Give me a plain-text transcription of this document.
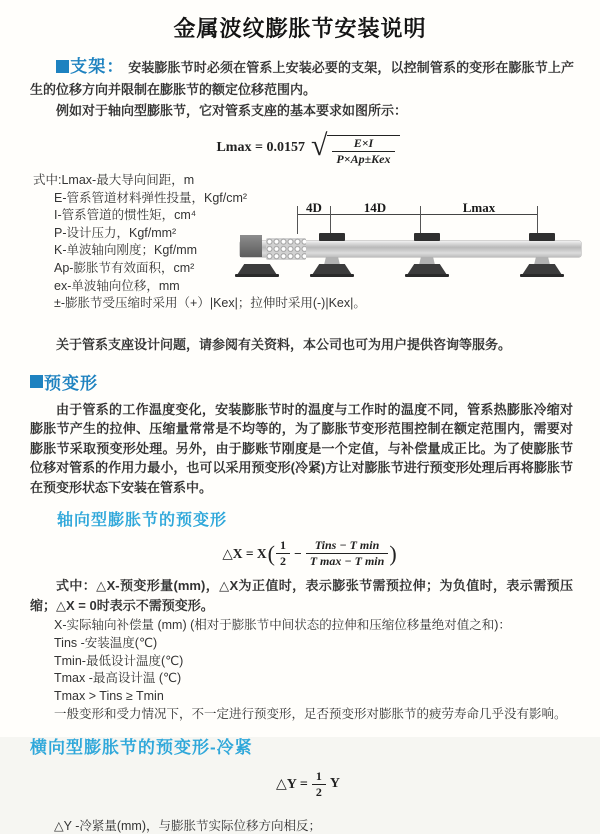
金属波纹膨胀节安装说明

支架： 安装膨胀节时必须在管系上安装必要的支架，以控制管系的变形在膨胀节上产生的位移方向并限制在膨胀节的额定位移范围内。

例如对于轴向型膨胀节，它对管系支座的基本要求如图所示：

Lmax = 0.0157 √ $\frac{E\times I}{\text{P×Ap±Kex}}$
式中:Lmax-最大导向间距，m
E-管系管道材料弹性投量，Kgf/cm²
I-管系管道的惯性矩，cm⁴
P-设计压力，Kgf/mm²
K-单波轴向刚度；Kgf/mm
Ap-膨胀节有效面积，cm²
ex-单波轴向位移，mm
±-膨胀节受压缩时采用（+）|Kex|；拉伸时采用(-)|Kex|。
4D	14D	Lmax

关于管系支座设计问题，请参阅有关资料，本公司也可为用户提供咨询等服务。

预变形

由于管系的工作温度变化，安装膨胀节时的温度与工作时的温度不同，管系热膨胀冷缩对膨胀节产生的拉伸、压缩量常常是不均等的，为了膨胀节变形范围控制在额定范围内，需要对膨胀节采取预变形处理。另外，由于膨账节刚度是一个定值，与补偿量成正比。为了使膨胀节位移对管系的作用力最小，也可以采用预变形(冷紧)方让对膨胀节进行预变形处理后再将膨胀节在预变形状态下安装在管系中。

轴向型膨胀节的预变形
△X = X ( $\frac{1}{2} - \frac{\text{Tins − T min}}{\text{T max − T min}}$ )

式中：△X-预变形量(mm)，△X为正值时，表示膨张节需预拉伸；为负值时，表示需预压缩；△X = 0时表示不需预变形。

X-实际轴向补偿量 (mm) (相对于膨胀节中间状态的拉伸和压缩位移量绝对值之和)：
Tins -安装温度(℃)
Tmin-最低设计温度(℃)
Tmax -最高设计温 (℃)
Tmax > Tins ≥ Tmin
一般变形和受力情况下，不一定进行预变形，足否预变形对膨胀节的疲劳寿命几乎没有影响。
横向型膨胀节的预变形-冷紧
△Y = $\frac{1}{2}$ Y

△Y -冷紧量(mm)，与膨胀节实际位移方向相反；
